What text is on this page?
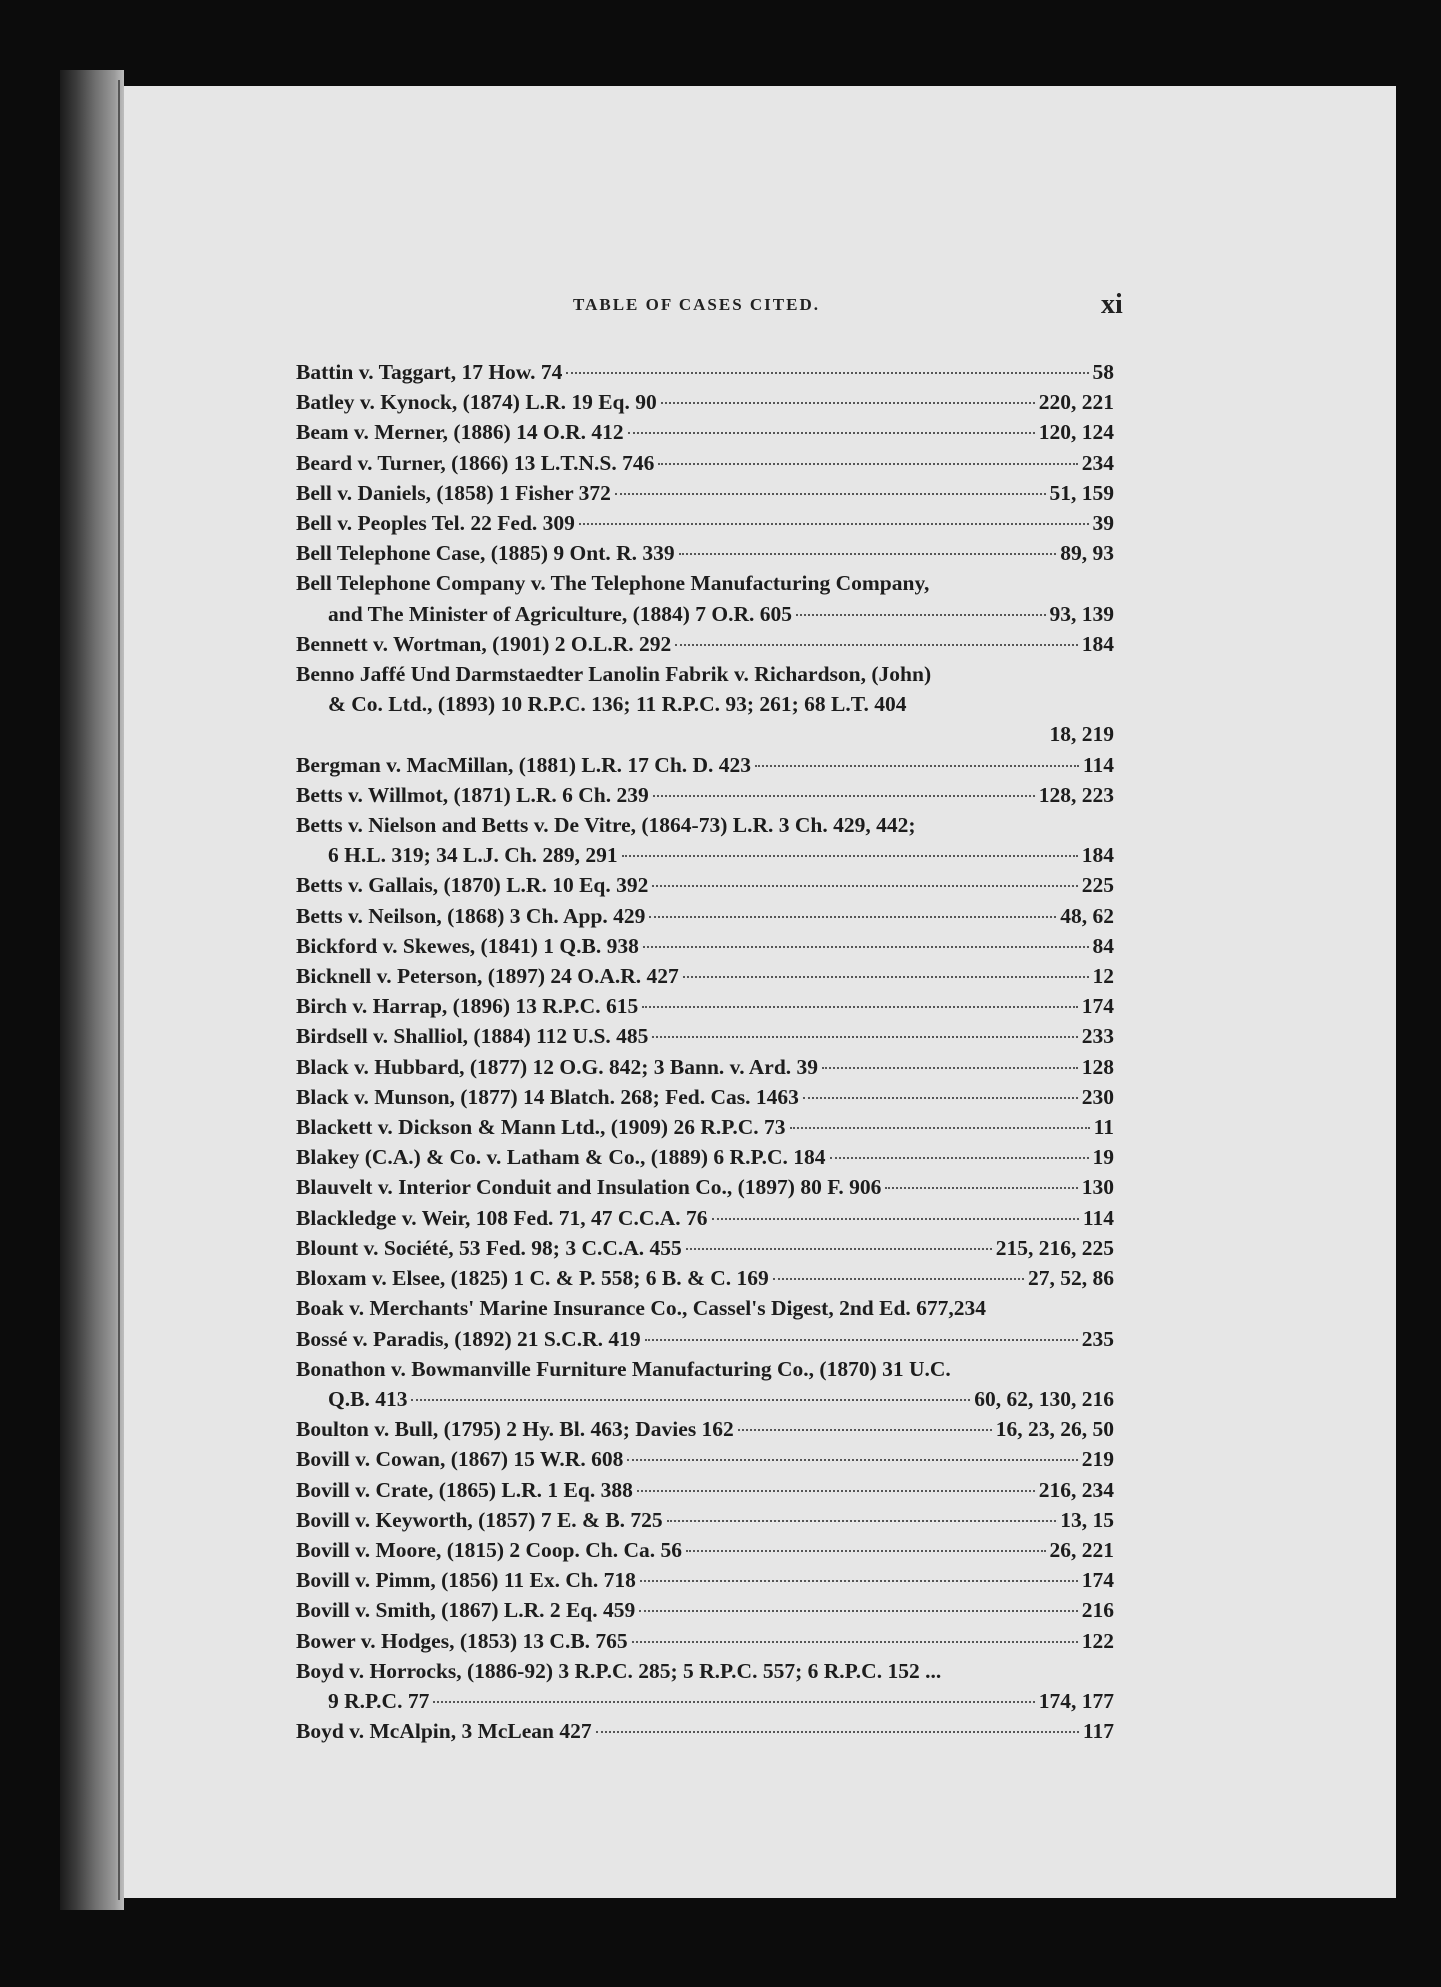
TABLE OF CASES CITED.	xi
Battin v. Taggart, 17 How. 74	58
Batley v. Kynock, (1874) L.R. 19 Eq. 90	220, 221
Beam v. Merner, (1886) 14 O.R. 412	120, 124
Beard v. Turner, (1866) 13 L.T.N.S. 746	234
Bell v. Daniels, (1858) 1 Fisher 372	51, 159
Bell v. Peoples Tel. 22 Fed. 309	39
Bell Telephone Case, (1885) 9 Ont. R. 339	89, 93
Bell Telephone Company v. The Telephone Manufacturing Company,
and The Minister of Agriculture, (1884) 7 O.R. 605	93, 139
Bennett v. Wortman, (1901) 2 O.L.R. 292	184
Benno Jaffé Und Darmstaedter Lanolin Fabrik v. Richardson, (John)
& Co. Ltd., (1893) 10 R.P.C. 136; 11 R.P.C. 93; 261; 68 L.T. 404
18, 219
Bergman v. MacMillan, (1881) L.R. 17 Ch. D. 423	114
Betts v. Willmot, (1871) L.R. 6 Ch. 239	128, 223
Betts v. Nielson and Betts v. De Vitre, (1864-73) L.R. 3 Ch. 429, 442;
6 H.L. 319; 34 L.J. Ch. 289, 291	184
Betts v. Gallais, (1870) L.R. 10 Eq. 392	225
Betts v. Neilson, (1868) 3 Ch. App. 429	48, 62
Bickford v. Skewes, (1841) 1 Q.B. 938	84
Bicknell v. Peterson, (1897) 24 O.A.R. 427	12
Birch v. Harrap, (1896) 13 R.P.C. 615	174
Birdsell v. Shalliol, (1884) 112 U.S. 485	233
Black v. Hubbard, (1877) 12 O.G. 842; 3 Bann. v. Ard. 39	128
Black v. Munson, (1877) 14 Blatch. 268; Fed. Cas. 1463	230
Blackett v. Dickson & Mann Ltd., (1909) 26 R.P.C. 73	11
Blakey (C.A.) & Co. v. Latham & Co., (1889) 6 R.P.C. 184	19
Blauvelt v. Interior Conduit and Insulation Co., (1897) 80 F. 906	130
Blackledge v. Weir, 108 Fed. 71, 47 C.C.A. 76	114
Blount v. Société, 53 Fed. 98; 3 C.C.A. 455	215, 216, 225
Bloxam v. Elsee, (1825) 1 C. & P. 558; 6 B. & C. 169	27, 52, 86
Boak v. Merchants' Marine Insurance Co., Cassel's Digest, 2nd Ed. 677,234
Bossé v. Paradis, (1892) 21 S.C.R. 419	235
Bonathon v. Bowmanville Furniture Manufacturing Co., (1870) 31 U.C.
Q.B. 413	60, 62, 130, 216
Boulton v. Bull, (1795) 2 Hy. Bl. 463; Davies 162	16, 23, 26, 50
Bovill v. Cowan, (1867) 15 W.R. 608	219
Bovill v. Crate, (1865) L.R. 1 Eq. 388	216, 234
Bovill v. Keyworth, (1857) 7 E. & B. 725	13, 15
Bovill v. Moore, (1815) 2 Coop. Ch. Ca. 56	26, 221
Bovill v. Pimm, (1856) 11 Ex. Ch. 718	174
Bovill v. Smith, (1867) L.R. 2 Eq. 459	216
Bower v. Hodges, (1853) 13 C.B. 765	122
Boyd v. Horrocks, (1886-92) 3 R.P.C. 285; 5 R.P.C. 557; 6 R.P.C. 152 ...
9 R.P.C. 77	174, 177
Boyd v. McAlpin, 3 McLean 427	117
